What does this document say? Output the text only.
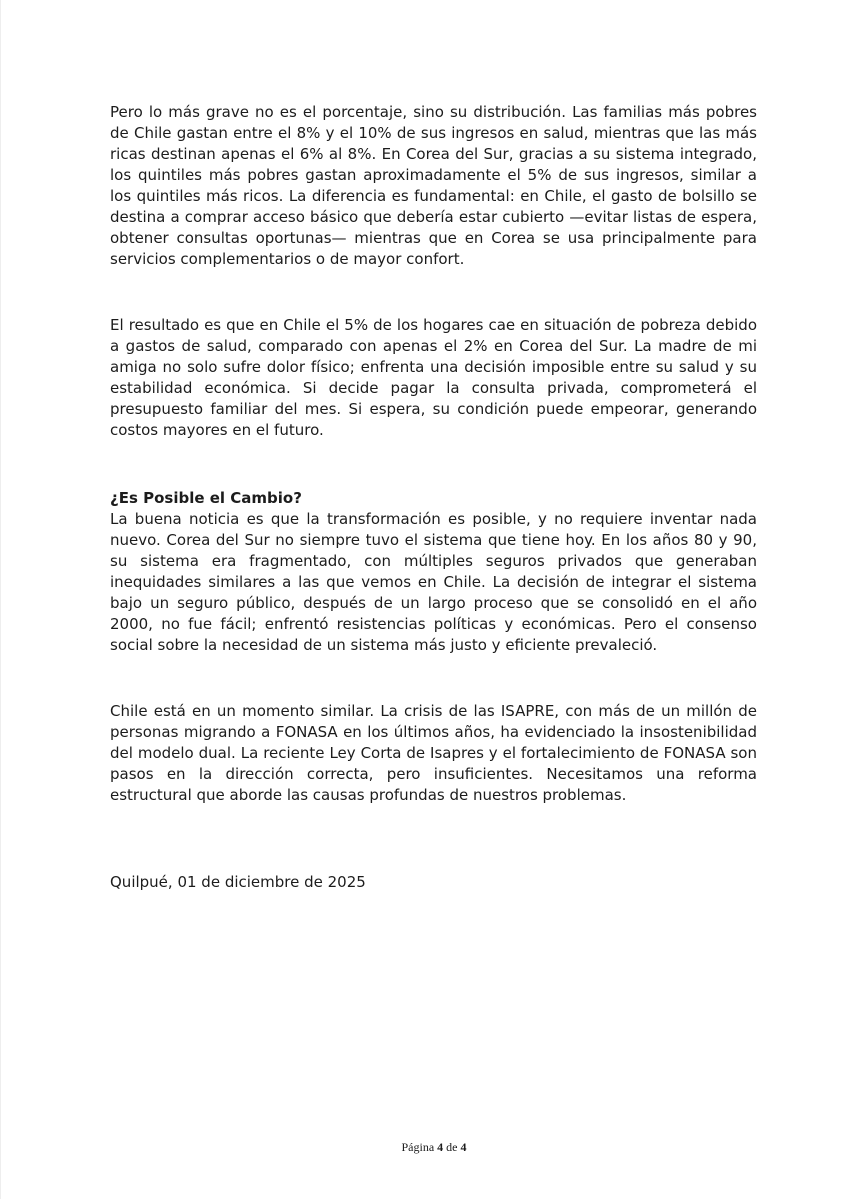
Pero lo más grave no es el porcentaje, sino su distribución. Las familias más pobres de Chile gastan entre el 8% y el 10% de sus ingresos en salud, mientras que las más ricas destinan apenas el 6% al 8%. En Corea del Sur, gracias a su sistema integrado, los quintiles más pobres gastan aproximadamente el 5% de sus ingresos, similar a los quintiles más ricos. La diferencia es fundamental: en Chile, el gasto de bolsillo se destina a comprar acceso básico que debería estar cubierto —evitar listas de espera, obtener consultas oportunas— mientras que en Corea se usa principalmente para servicios complementarios o de mayor confort.

El resultado es que en Chile el 5% de los hogares cae en situación de pobreza debido a gastos de salud, comparado con apenas el 2% en Corea del Sur. La madre de mi amiga no solo sufre dolor físico; enfrenta una decisión imposible entre su salud y su estabilidad económica. Si decide pagar la consulta privada, comprometerá el presupuesto familiar del mes. Si espera, su condición puede empeorar, generando costos mayores en el futuro.

¿Es Posible el Cambio?

La buena noticia es que la transformación es posible, y no requiere inventar nada nuevo. Corea del Sur no siempre tuvo el sistema que tiene hoy. En los años 80 y 90, su sistema era fragmentado, con múltiples seguros privados que generaban inequidades similares a las que vemos en Chile. La decisión de integrar el sistema bajo un seguro público, después de un largo proceso que se consolidó en el año 2000, no fue fácil; enfrentó resistencias políticas y económicas. Pero el consenso social sobre la necesidad de un sistema más justo y eficiente prevaleció.

Chile está en un momento similar. La crisis de las ISAPRE, con más de un millón de personas migrando a FONASA en los últimos años, ha evidenciado la insostenibilidad del modelo dual. La reciente Ley Corta de Isapres y el fortalecimiento de FONASA son pasos en la dirección correcta, pero insuficientes. Necesitamos una reforma estructural que aborde las causas profundas de nuestros problemas.

Quilpué, 01 de diciembre de 2025

Página 4 de 4
